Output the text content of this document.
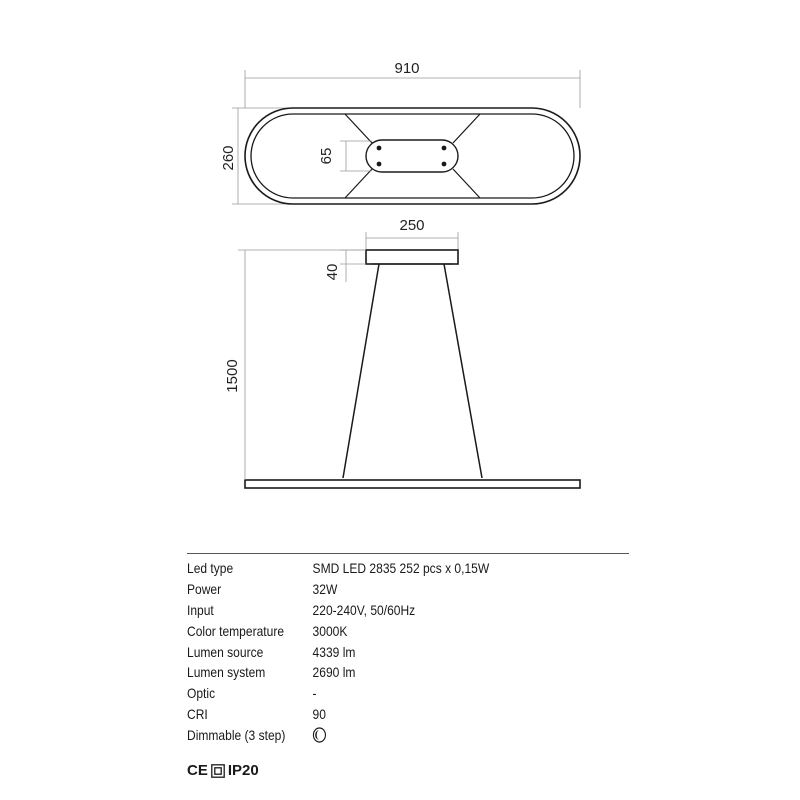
910
260	65
250
40
1500
Led type	SMD LED 2835 252 pcs x 0,15W
Power	32W
Input	220-240V, 50/60Hz
Color temperature	3000K
Lumen source	4339 lm
Lumen system	2690 lm
Optic	-
CRI	90
Dimmable (3 step)
CE IP20
